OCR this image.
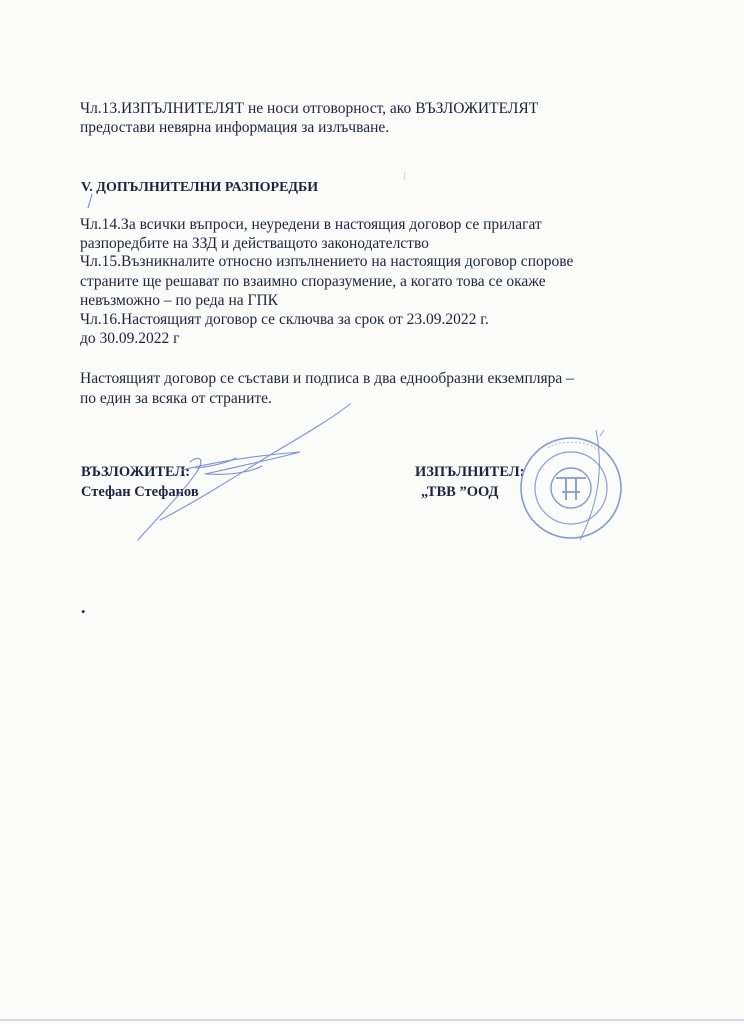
Чл.13.ИЗПЪЛНИТЕЛЯТ не носи отговорност, ако ВЪЗЛОЖИТЕЛЯТ

предостави невярна информация за излъчване.

V. ДОПЪЛНИТЕЛНИ РАЗПОРЕДБИ

Чл.14.За всички въпроси, неуредени в настоящия договор се прилагат

разпоредбите на ЗЗД и действащото законодателство

Чл.15.Възникналите относно изпълнението на настоящия договор спорове

страните ще решават по взаимно споразумение, а когато това се окаже

невъзможно – по реда на ГПК

Чл.16.Настоящият договор се сключва за срок от 23.09.2022 г.

до 30.09.2022 г

Настоящият договор се състави и подписа в два еднообразни екземпляра –

по един за всяка от страните.

ВЪЗЛОЖИТЕЛ:
Стефан Стефанов
ИЗПЪЛНИТЕЛ:
„ТВВ ”ООД
.
